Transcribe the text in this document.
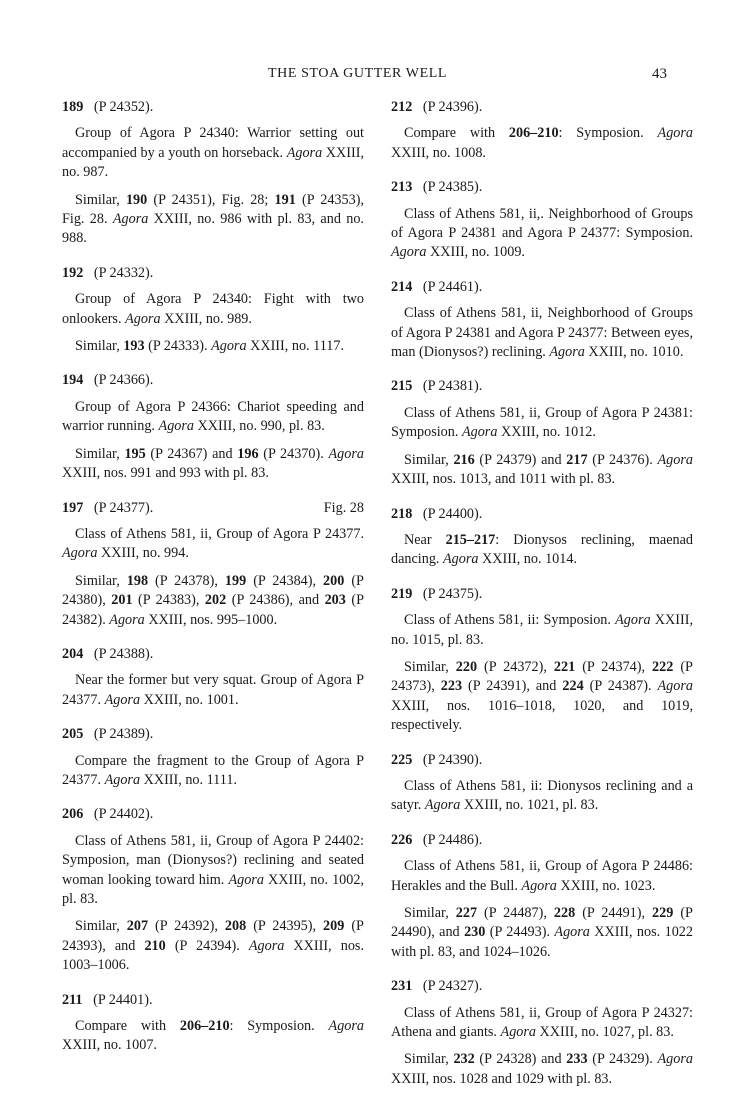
THE STOA GUTTER WELL	43
189 (P 24352).

Group of Agora P 24340: Warrior setting out accompanied by a youth on horseback. Agora XXIII, no. 987.

Similar, 190 (P 24351), Fig. 28; 191 (P 24353), Fig. 28. Agora XXIII, no. 986 with pl. 83, and no. 988.

192 (P 24332).

Group of Agora P 24340: Fight with two onlookers. Agora XXIII, no. 989.

Similar, 193 (P 24333). Agora XXIII, no. 1117.

194 (P 24366).

Group of Agora P 24366: Chariot speeding and warrior running. Agora XXIII, no. 990, pl. 83.

Similar, 195 (P 24367) and 196 (P 24370). Agora XXIII, nos. 991 and 993 with pl. 83.

197 (P 24377).	Fig. 28

Class of Athens 581, ii, Group of Agora P 24377. Agora XXIII, no. 994.

Similar, 198 (P 24378), 199 (P 24384), 200 (P 24380), 201 (P 24383), 202 (P 24386), and 203 (P 24382). Agora XXIII, nos. 995–1000.

204 (P 24388).

Near the former but very squat. Group of Agora P 24377. Agora XXIII, no. 1001.

205 (P 24389).

Compare the fragment to the Group of Agora P 24377. Agora XXIII, no. 1111.

206 (P 24402).

Class of Athens 581, ii, Group of Agora P 24402: Symposion, man (Dionysos?) reclining and seated woman looking toward him. Agora XXIII, no. 1002, pl. 83.

Similar, 207 (P 24392), 208 (P 24395), 209 (P 24393), and 210 (P 24394). Agora XXIII, nos. 1003–1006.

211 (P 24401).

Compare with 206–210: Symposion. Agora XXIII, no. 1007.

212 (P 24396).

Compare with 206–210: Symposion. Agora XXIII, no. 1008.

213 (P 24385).

Class of Athens 581, ii,. Neighborhood of Groups of Agora P 24381 and Agora P 24377: Symposion. Agora XXIII, no. 1009.

214 (P 24461).

Class of Athens 581, ii, Neighborhood of Groups of Agora P 24381 and Agora P 24377: Between eyes, man (Dionysos?) reclining. Agora XXIII, no. 1010.

215 (P 24381).

Class of Athens 581, ii, Group of Agora P 24381: Symposion. Agora XXIII, no. 1012.

Similar, 216 (P 24379) and 217 (P 24376). Agora XXIII, nos. 1013, and 1011 with pl. 83.

218 (P 24400).

Near 215–217: Dionysos reclining, maenad dancing. Agora XXIII, no. 1014.

219 (P 24375).

Class of Athens 581, ii: Symposion. Agora XXIII, no. 1015, pl. 83.

Similar, 220 (P 24372), 221 (P 24374), 222 (P 24373), 223 (P 24391), and 224 (P 24387). Agora XXIII, nos. 1016–1018, 1020, and 1019, respectively.

225 (P 24390).

Class of Athens 581, ii: Dionysos reclining and a satyr. Agora XXIII, no. 1021, pl. 83.

226 (P 24486).

Class of Athens 581, ii, Group of Agora P 24486: Herakles and the Bull. Agora XXIII, no. 1023.

Similar, 227 (P 24487), 228 (P 24491), 229 (P 24490), and 230 (P 24493). Agora XXIII, nos. 1022 with pl. 83, and 1024–1026.

231 (P 24327).

Class of Athens 581, ii, Group of Agora P 24327: Athena and giants. Agora XXIII, no. 1027, pl. 83.

Similar, 232 (P 24328) and 233 (P 24329). Agora XXIII, nos. 1028 and 1029 with pl. 83.
